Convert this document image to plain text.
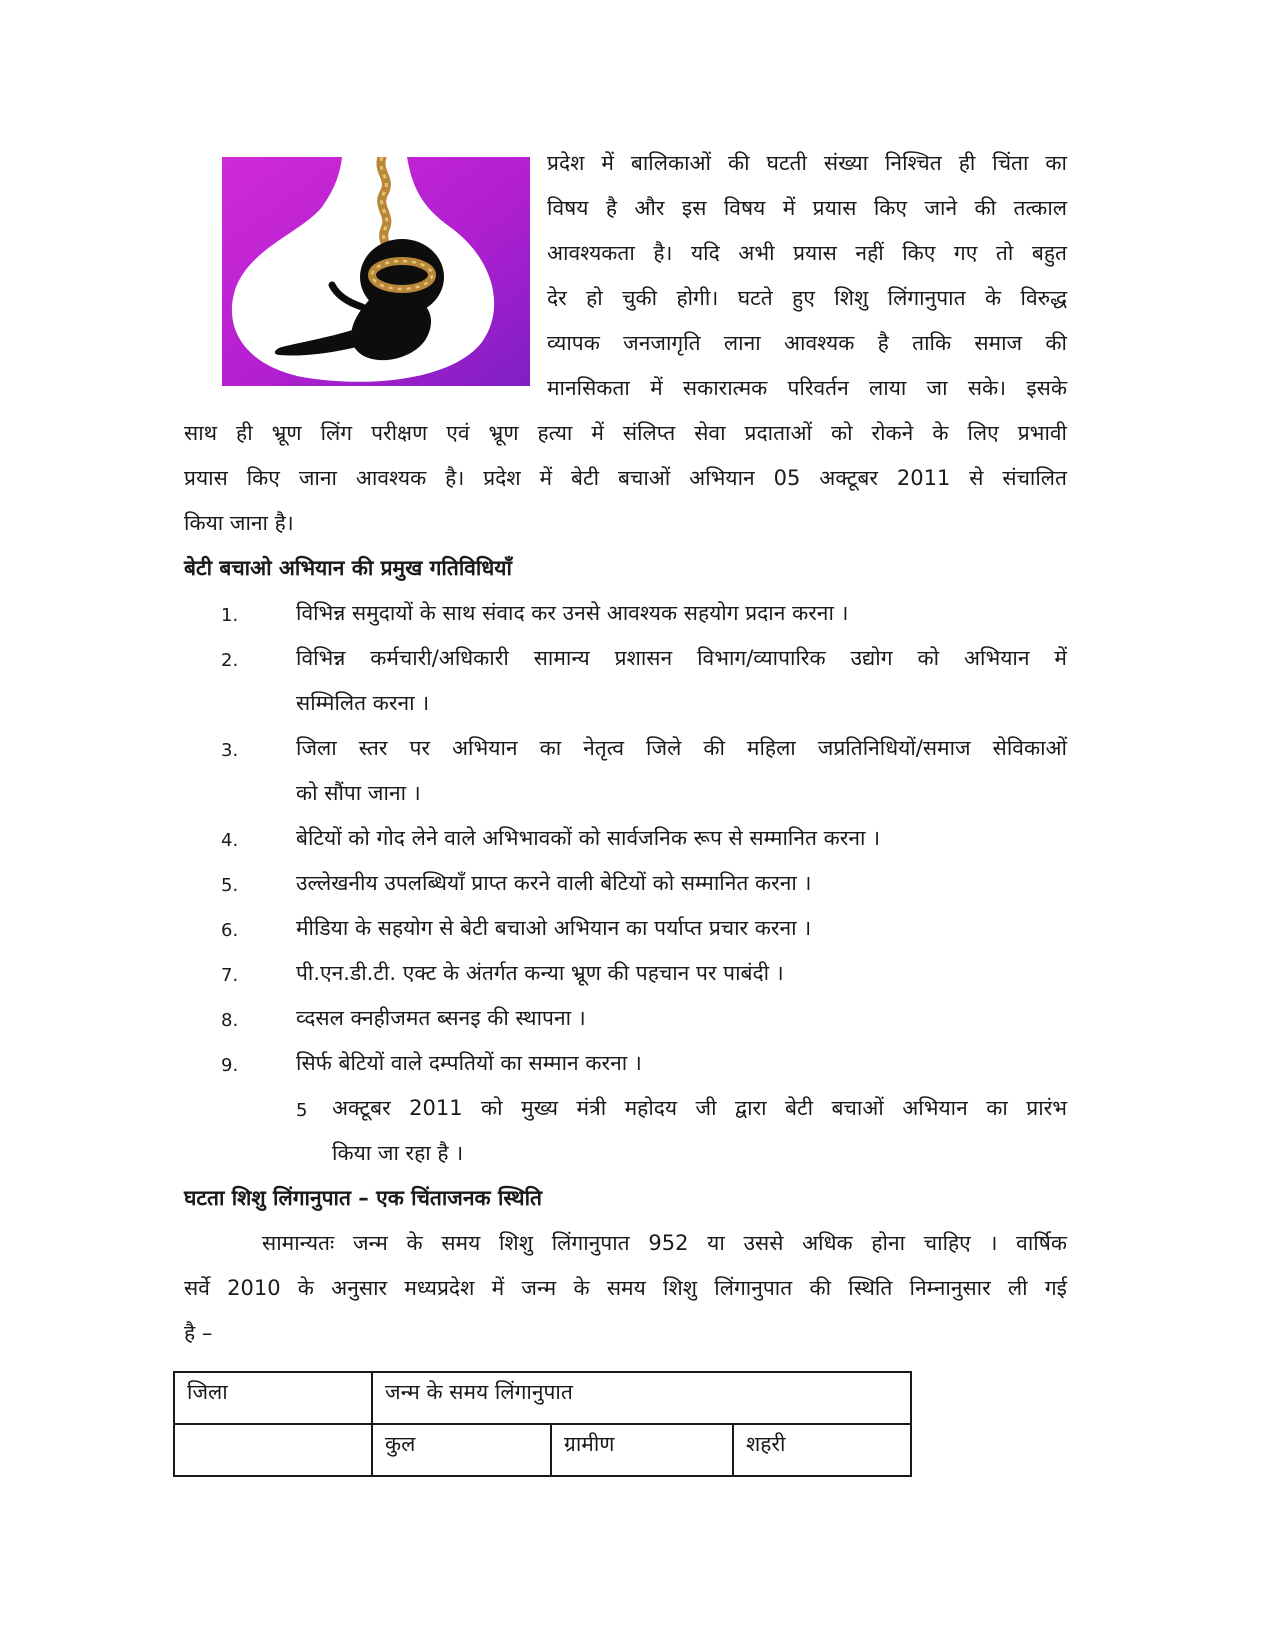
प्रदेश में बालिकाओं की घटती संख्या निश्चित ही चिंता का
विषय है और इस विषय में प्रयास किए जाने की तत्काल
आवश्यकता है। यदि अभी प्रयास नहीं किए गए तो बहुत
देर हो चुकी होगी। घटते हुए शिशु लिंगानुपात के विरुद्ध
व्यापक जनजागृति लाना आवश्यक है ताकि समाज की
मानसिकता में सकारात्मक परिवर्तन लाया जा सके। इसके
साथ ही भ्रूण लिंग परीक्षण एवं भ्रूण हत्या में संलिप्त सेवा प्रदाताओं को रोकने के लिए प्रभावी
प्रयास किए जाना आवश्यक है। प्रदेश में बेटी बचाओं अभियान 05 अक्टूबर 2011 से संचालित
किया जाना है।
बेटी बचाओ अभियान की प्रमुख गतिविधियॉं
1.	विभिन्न समुदायों के साथ संवाद कर उनसे आवश्यक सहयोग प्रदान करना ।
2.	विभिन्न कर्मचारी/अधिकारी सामान्य प्रशासन विभाग/व्यापारिक उद्योग को अभियान में
सम्मिलित करना ।
3.	जिला स्तर पर अभियान का नेतृत्व जिले की महिला जप्रतिनिधियों/समाज सेविकाओं
को सौंपा जाना ।
4.	बेटियों को गोद लेने वाले अभिभावकों को सार्वजनिक रूप से सम्मानित करना ।
5.	उल्लेखनीय उपलब्धियॉं प्राप्त करने वाली बेटियों को सम्मानित करना ।
6.	मीडिया के सहयोग से बेटी बचाओ अभियान का पर्याप्त प्रचार करना ।
7.	पी.एन.डी.टी. एक्ट के अंतर्गत कन्या भ्रूण की पहचान पर पाबंदी ।
8.	व्दसल क्नहीजमत ब्सनइ की स्थापना ।
9.	सिर्फ बेटियों वाले दम्पतियों का सम्मान करना ।
5 अक्टूबर 2011 को मुख्य मंत्री महोदय जी द्वारा बेटी बचाओं अभियान का प्रारंभ
किया जा रहा है ।
घटता शिशु लिंगानुपात – एक चिंताजनक स्थिति
सामान्यतः जन्म के समय शिशु लिंगानुपात 952 या उससे अधिक होना चाहिए । वार्षिक
सर्वे 2010 के अनुसार मध्यप्रदेश में जन्म के समय शिशु लिंगानुपात की स्थिति निम्नानुसार ली गई
है –
जिला	जन्म के समय लिंगानुपात		
	कुल	ग्रामीण	शहरी
